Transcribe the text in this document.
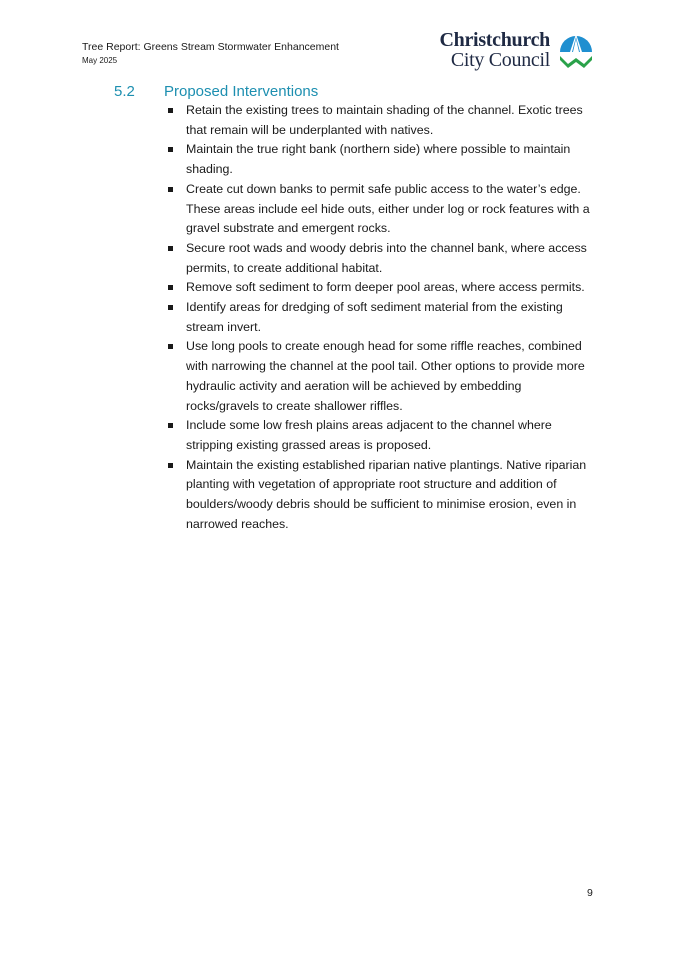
Tree Report: Greens Stream Stormwater Enhancement
May 2025
Christchurch
City Council
5.2 Proposed Interventions
Retain the existing trees to maintain shading of the channel. Exotic trees that remain will be underplanted with natives.
Maintain the true right bank (northern side) where possible to maintain shading.
Create cut down banks to permit safe public access to the water’s edge. These areas include eel hide outs, either under log or rock features with a gravel substrate and emergent rocks.
Secure root wads and woody debris into the channel bank, where access permits, to create additional habitat.
Remove soft sediment to form deeper pool areas, where access permits.
Identify areas for dredging of soft sediment material from the existing stream invert.
Use long pools to create enough head for some riffle reaches, combined with narrowing the channel at the pool tail. Other options to provide more hydraulic activity and aeration will be achieved by embedding rocks/gravels to create shallower riffles.
Include some low fresh plains areas adjacent to the channel where stripping existing grassed areas is proposed.
Maintain the existing established riparian native plantings. Native riparian planting with vegetation of appropriate root structure and addition of boulders/woody debris should be sufficient to minimise erosion, even in narrowed reaches.
9
